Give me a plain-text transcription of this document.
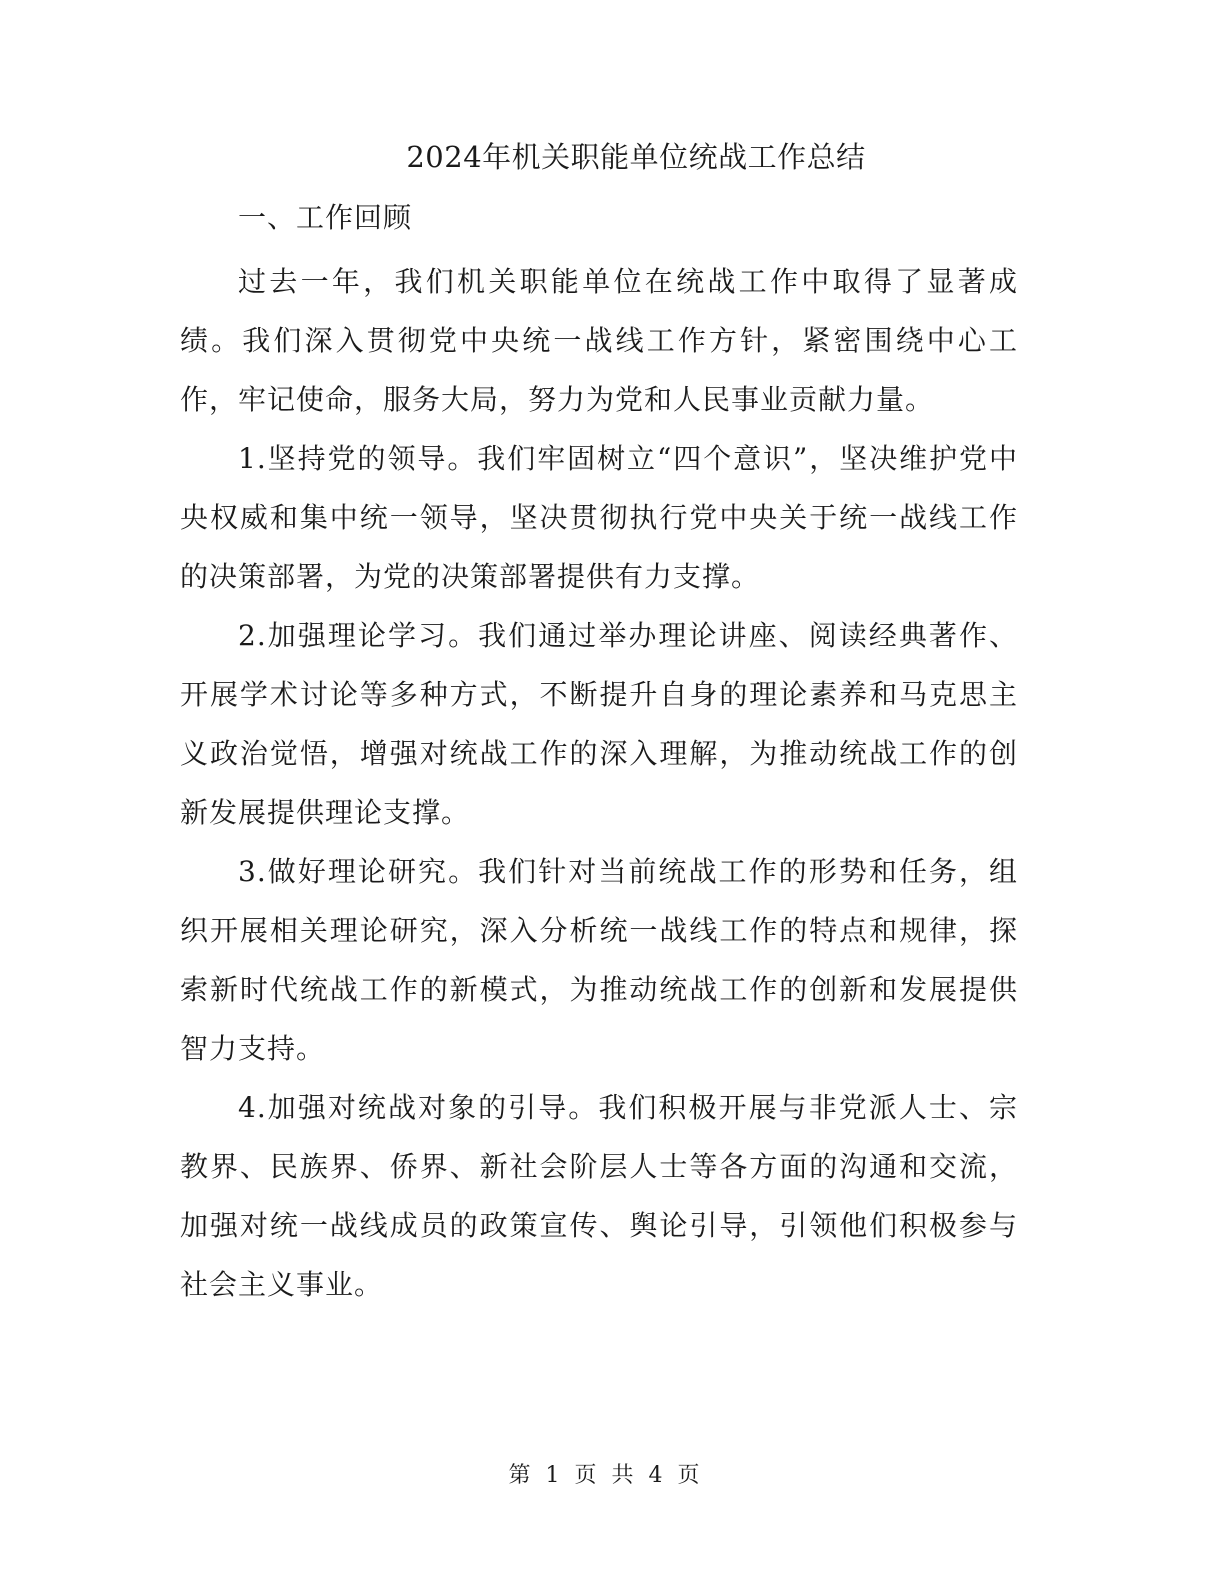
2024年机关职能单位统战工作总结

一、工作回顾

过去一年，我们机关职能单位在统战工作中取得了显著成绩。我们深入贯彻党中央统一战线工作方针，紧密围绕中心工作，牢记使命，服务大局，努力为党和人民事业贡献力量。

1.坚持党的领导。我们牢固树立“四个意识”，坚决维护党中央权威和集中统一领导，坚决贯彻执行党中央关于统一战线工作的决策部署，为党的决策部署提供有力支撑。

2.加强理论学习。我们通过举办理论讲座、阅读经典著作、开展学术讨论等多种方式，不断提升自身的理论素养和马克思主义政治觉悟，增强对统战工作的深入理解，为推动统战工作的创新发展提供理论支撑。

3.做好理论研究。我们针对当前统战工作的形势和任务，组织开展相关理论研究，深入分析统一战线工作的特点和规律，探索新时代统战工作的新模式，为推动统战工作的创新和发展提供智力支持。

4.加强对统战对象的引导。我们积极开展与非党派人士、宗教界、民族界、侨界、新社会阶层人士等各方面的沟通和交流，加强对统一战线成员的政策宣传、舆论引导，引领他们积极参与社会主义事业。

第 1 页 共 4 页
